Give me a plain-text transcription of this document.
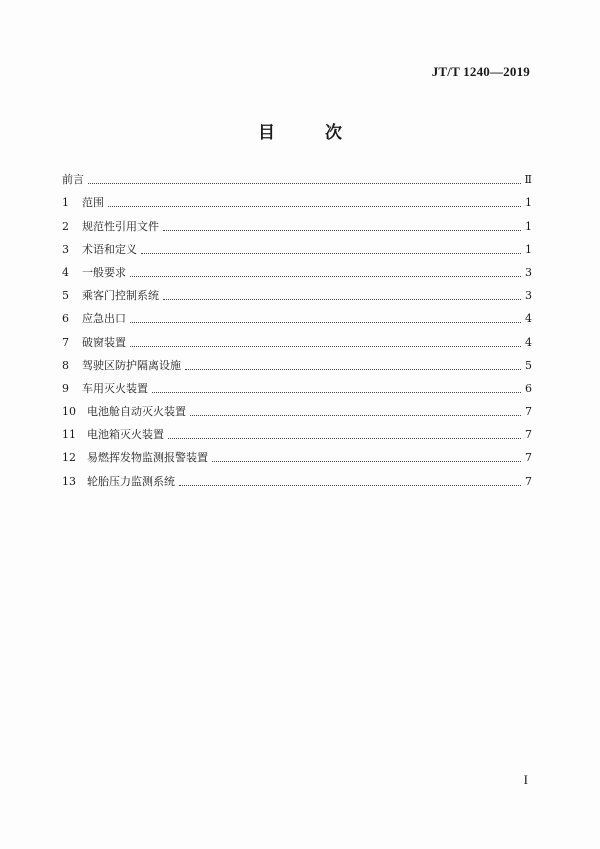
JT/T 1240—2019
目 次
前言	Ⅱ
1	范围	1
2	规范性引用文件	1
3	术语和定义	1
4	一般要求	3
5	乘客门控制系统	3
6	应急出口	4
7	破窗装置	4
8	驾驶区防护隔离设施	5
9	车用灭火装置	6
10 电池舱自动灭火装置	7
11 电池箱灭火装置	7
12 易燃挥发物监测报警装置	7
13 轮胎压力监测系统	7
I
